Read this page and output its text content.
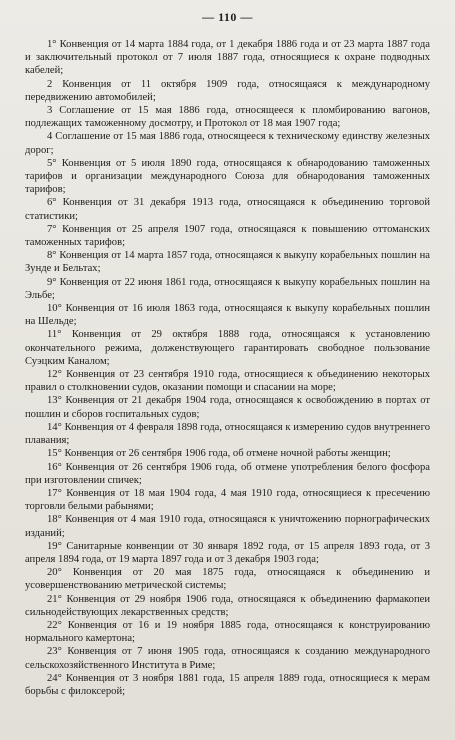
— 110 —

1° Конвенция от 14 марта 1884 года, от 1 декабря 1886 года и от 23 марта 1887 года и заключительный протокол от 7 июля 1887 года, относящиеся к охране подводных кабелей;

2 Конвенция от 11 октября 1909 года, относящаяся к международному передвижению автомобилей;

3 Соглашение от 15 мая 1886 года, относящееся к пломбированию вагонов, подлежащих таможенному досмотру, и Протокол от 18 мая 1907 года;

4 Соглашение от 15 мая 1886 года, относящееся к техническому единству железных дорог;

5° Конвенция от 5 июля 1890 года, относящаяся к обнародованию таможенных тарифов и организации международного Союза для обнародования таможенных тарифов;

6° Конвенция от 31 декабря 1913 года, относящаяся к объединению торговой статистики;

7° Конвенция от 25 апреля 1907 года, относящаяся к повышению оттоманских таможенных тарифов;

8° Конвенция от 14 марта 1857 года, относящаяся к выкупу корабельных пошлин на Зунде и Бельтах;

9° Конвенция от 22 июня 1861 года, относящаяся к выкупу корабельных пошлин на Эльбе;

10° Конвенция от 16 июля 1863 года, относящаяся к выкупу корабельных пошлин на Шельде;

11° Конвенция от 29 октября 1888 года, относящаяся к установлению окончательного режима, долженствующего гарантировать свободное пользование Суэцким Каналом;

12° Конвенция от 23 сентября 1910 года, относящиеся к объединению некоторых правил о столкновении судов, оказании помощи и спасании на море;

13° Конвенция от 21 декабря 1904 года, относящаяся к освобождению в портах от пошлин и сборов госпитальных судов;

14° Конвенция от 4 февраля 1898 года, относящаяся к измерению судов внутреннего плавания;

15° Конвенция от 26 сентября 1906 года, об отмене ночной работы женщин;

16° Конвенция от 26 сентября 1906 года, об отмене употребления белого фосфора при изготовлении спичек;

17° Конвенция от 18 мая 1904 года, 4 мая 1910 года, относящиеся к пресечению торговли белыми рабынями;

18° Конвенция от 4 мая 1910 года, относящаяся к уничтожению порнографических изданий;

19° Санитарные конвенции от 30 января 1892 года, от 15 апреля 1893 года, от 3 апреля 1894 года, от 19 марта 1897 года и от 3 декабря 1903 года;

20° Конвенция от 20 мая 1875 года, относящаяся к объединению и усовершенствованию метрической системы;

21° Конвенция от 29 ноября 1906 года, относящаяся к объединению фармакопеи сильнодействующих лекарственных средств;

22° Конвенция от 16 и 19 ноября 1885 года, относящаяся к конструированию нормального камертона;

23° Конвенция от 7 июня 1905 года, относящаяся к созданию международного сельскохозяйственного Института в Риме;

24° Конвенция от 3 ноября 1881 года, 15 апреля 1889 года, относящиеся к мерам борьбы с филоксерой;
